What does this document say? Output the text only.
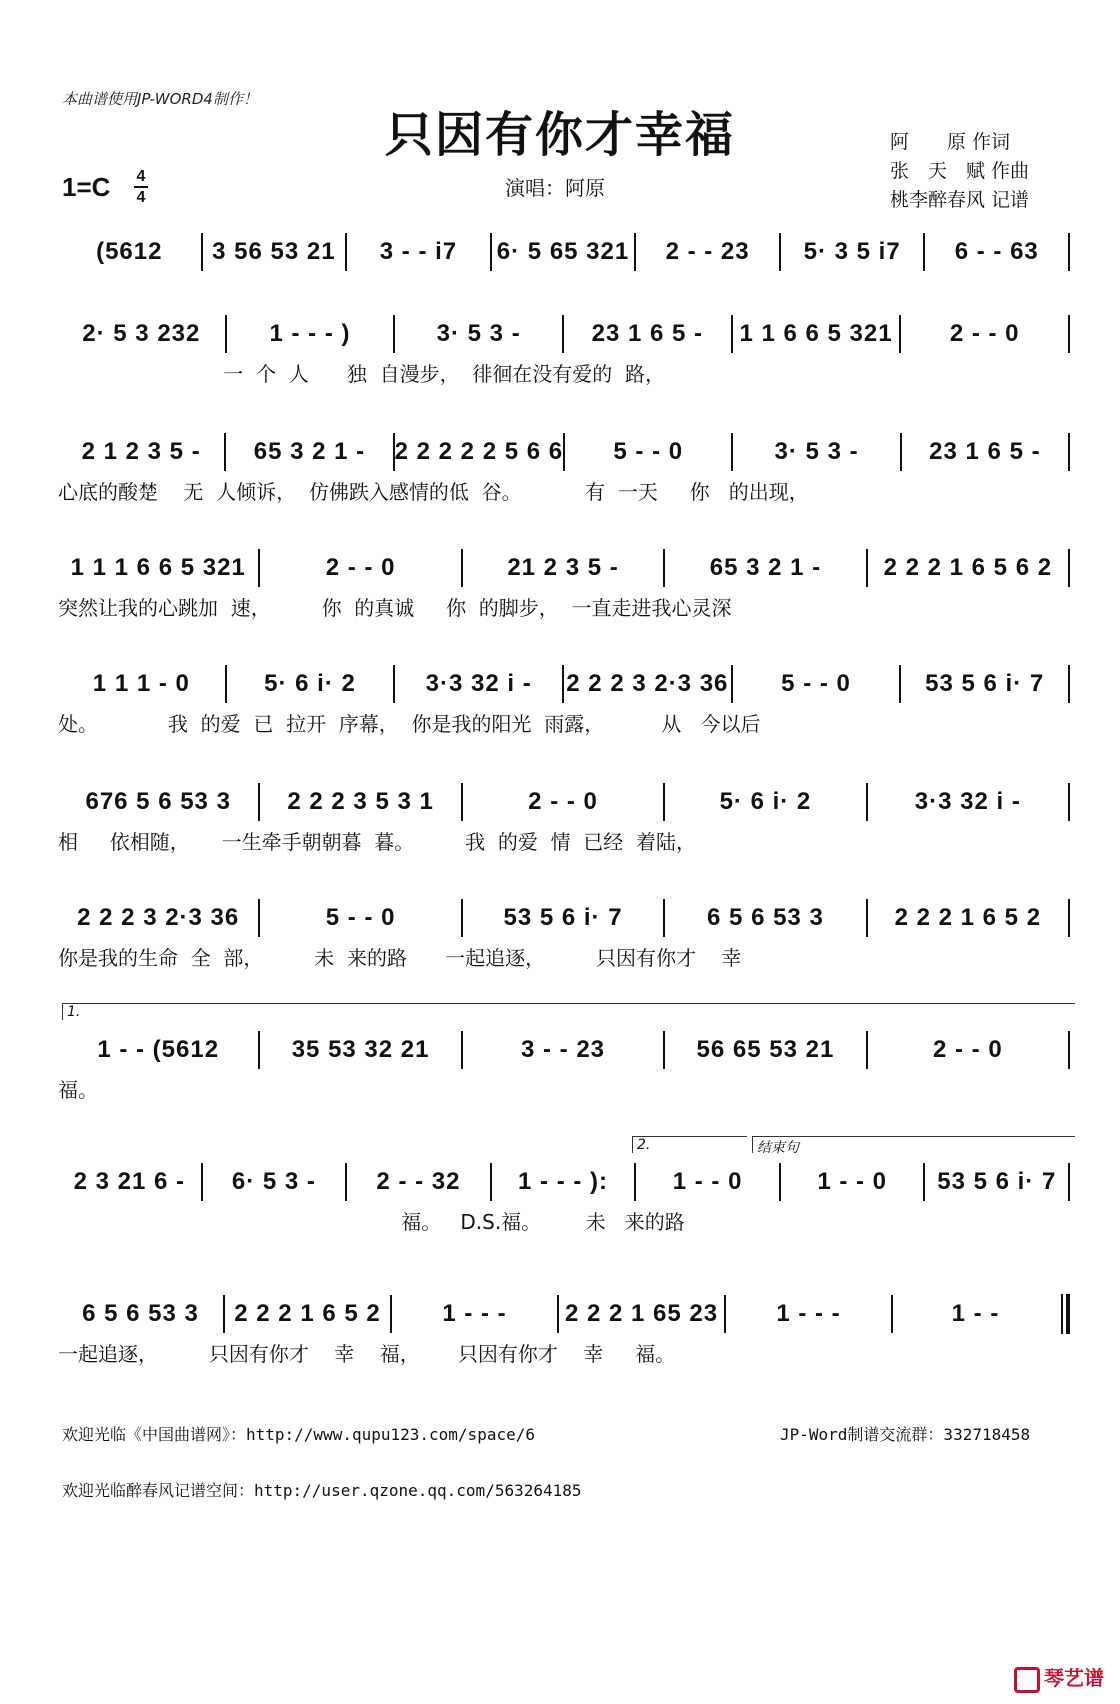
本曲谱使用JP-WORD4制作！
只因有你才幸福
1=C 4
4	演唱：阿原
阿　　原 作词
张　天　赋 作曲
桃李醉春风 记谱
(5612	3 56 53 21	3 - - i7	6· 5 65 321	2 - - 23	5· 3 5 i7	6 - - 63
2· 5 3 232	1 - - - )	3· 5 3 -	23 1 6 5 -	1 1 6 6 5 321	2 - - 0
一  个  人      独  自漫步，  徘徊在没有爱的  路，
2 1 2 3 5 -	65 3 2 1 -	2 2 2 2 2 5 6 6	5 - - 0	3· 5 3 -	23 1 6 5 -
心底的酸楚    无  人倾诉，  仿佛跌入感情的低  谷。          有  一天     你   的出现，
1 1 1 6 6 5 321	2 - - 0	21 2 3 5 -	65 3 2 1 -	2 2 2 1 6 5 6 2
突然让我的心跳加  速，        你  的真诚     你  的脚步，  一直走进我心灵深
1 1 1 - 0	5· 6 i· 2	3·3 32 i -	2 2 2 3 2·3 36	5 - - 0	53 5 6 i· 7
处。           我  的爱  已  拉开  序幕，  你是我的阳光  雨露，         从   今以后
676 5 6 53 3	2 2 2 3 5 3 1	2 - - 0	5· 6 i· 2	3·3 32 i -
相     依相随，     一生牵手朝朝暮  暮。        我  的爱  情  已经  着陆，
2 2 2 3 2·3 36	5 - - 0	53 5 6 i· 7	6 5 6 53 3	2 2 2 1 6 5 2
你是我的生命  全  部，        未  来的路      一起追逐，        只因有你才    幸
1 - - (5612	35 53 32 21	3 - - 23	56 65 53 21	2 - - 0
福。
2 3 21 6 -	6· 5 3 -	2 - - 32	1 - - - ):	1 - - 0	1 - - 0	53 5 6 i· 7
福。   D.S.福。       未   来的路
6 5 6 53 3	2 2 2 1 6 5 2	1 - - -	2 2 2 1 65 23	1 - - -	1 - -
一起追逐，        只因有你才    幸    福，      只因有你才    幸     福。
1.
2.	结束句
欢迎光临《中国曲谱网》：http://www.qupu123.com/space/6	JP-Word制谱交流群：332718458
欢迎光临醉春风记谱空间：http://user.qzone.qq.com/563264185
琴艺谱
